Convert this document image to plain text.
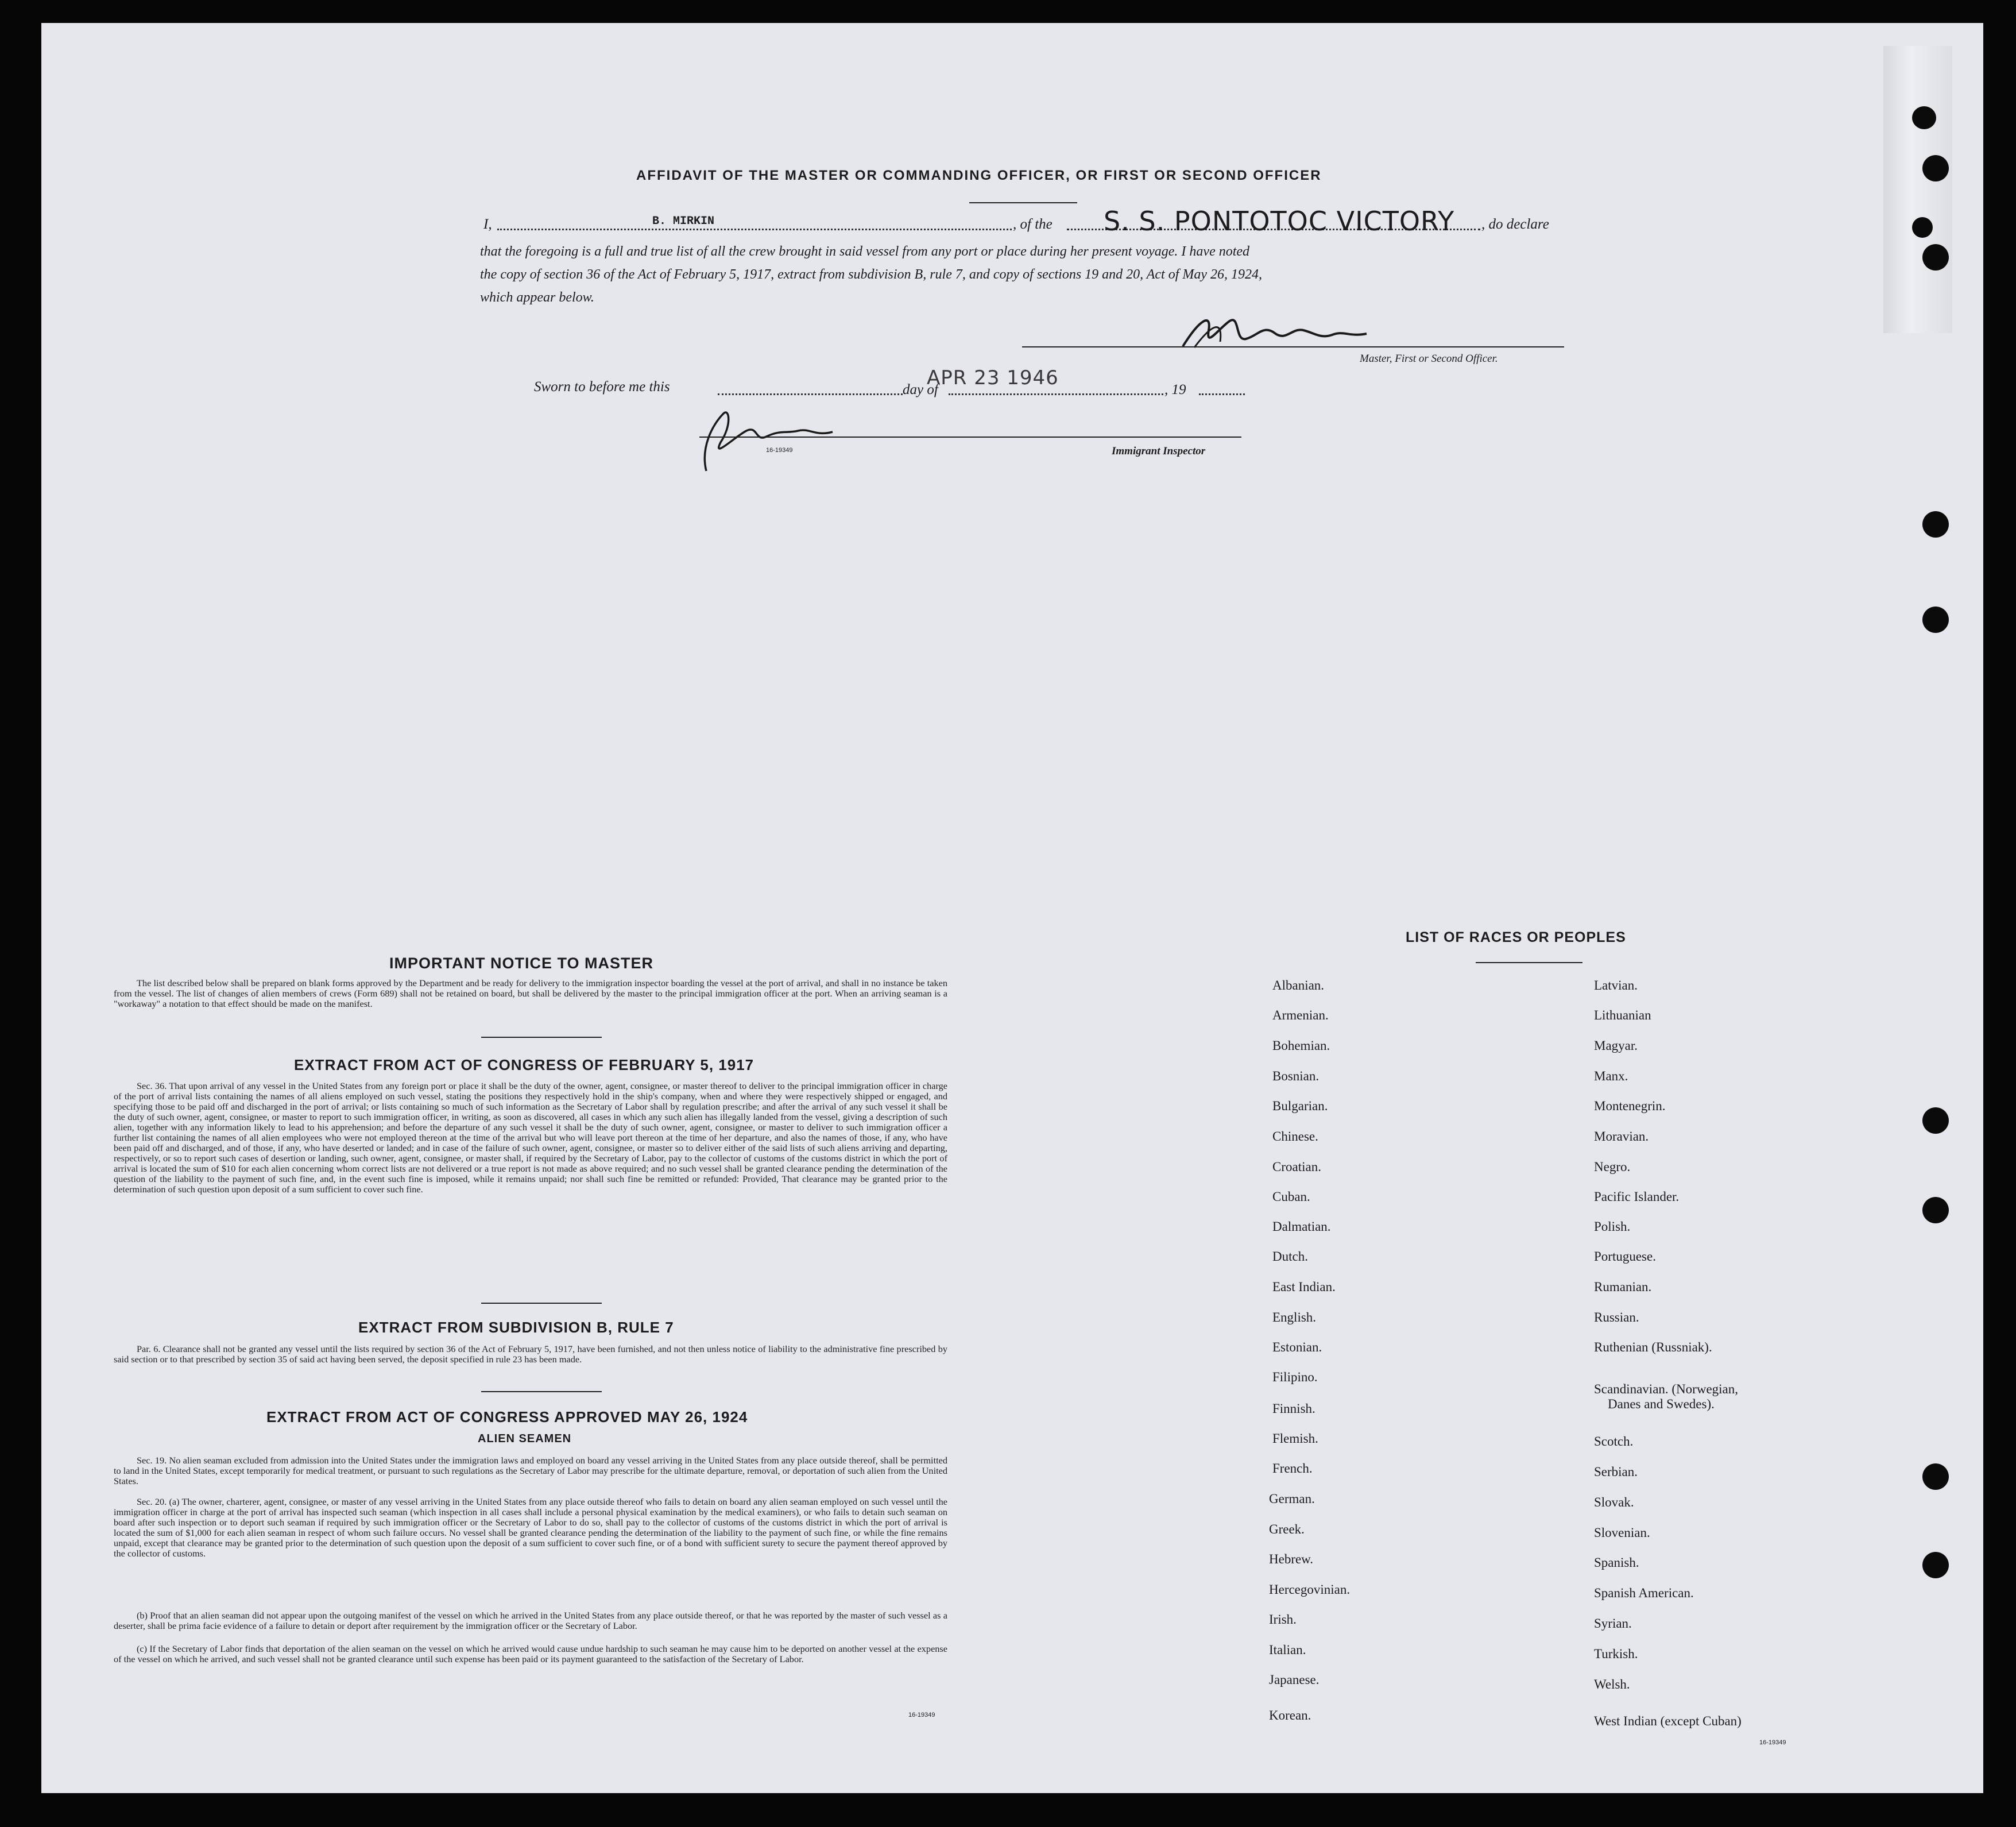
AFFIDAVIT OF THE MASTER OR COMMANDING OFFICER, OR FIRST OR SECOND OFFICER
I,	B. MIRKIN	, of the S. S. PONTOTOC VICTORY , do declare
that the foregoing is a full and true list of all the crew brought in said vessel from any port or place during her present voyage. I have noted
the copy of section 36 of the Act of February 5, 1917, extract from subdivision B, rule 7, and copy of sections 19 and 20, Act of May 26, 1924,
which appear below.
Master, First or Second Officer.
Sworn to before me this	day of
APR 23 1946
, 19
16-19349	Immigrant Inspector
IMPORTANT NOTICE TO MASTER
The list described below shall be prepared on blank forms approved by the Department and be ready for delivery to the immigration inspector boarding the vessel at the port of arrival, and shall in no instance be taken from the vessel. The list of changes of alien members of crews (Form 689) shall not be retained on board, but shall be delivered by the master to the principal immigration officer at the port. When an arriving seaman is a "workaway" a notation to that effect should be made on the manifest.
EXTRACT FROM ACT OF CONGRESS OF FEBRUARY 5, 1917
Sec. 36. That upon arrival of any vessel in the United States from any foreign port or place it shall be the duty of the owner, agent, consignee, or master thereof to deliver to the principal immigration officer in charge of the port of arrival lists containing the names of all aliens employed on such vessel, stating the positions they respectively hold in the ship's company, when and where they were respectively shipped or engaged, and specifying those to be paid off and discharged in the port of arrival; or lists containing so much of such information as the Secretary of Labor shall by regulation prescribe; and after the arrival of any such vessel it shall be the duty of such owner, agent, consignee, or master to report to such immigration officer, in writing, as soon as discovered, all cases in which any such alien has illegally landed from the vessel, giving a description of such alien, together with any information likely to lead to his apprehension; and before the departure of any such vessel it shall be the duty of such owner, agent, consignee, or master to deliver to such immigration officer a further list containing the names of all alien employees who were not employed thereon at the time of the arrival but who will leave port thereon at the time of her departure, and also the names of those, if any, who have been paid off and discharged, and of those, if any, who have deserted or landed; and in case of the failure of such owner, agent, consignee, or master so to deliver either of the said lists of such aliens arriving and departing, respectively, or so to report such cases of desertion or landing, such owner, agent, consignee, or master shall, if required by the Secretary of Labor, pay to the collector of customs of the customs district in which the port of arrival is located the sum of $10 for each alien concerning whom correct lists are not delivered or a true report is not made as above required; and no such vessel shall be granted clearance pending the determination of the question of the liability to the payment of such fine, and, in the event such fine is imposed, while it remains unpaid; nor shall such fine be remitted or refunded: Provided, That clearance may be granted prior to the determination of such question upon deposit of a sum sufficient to cover such fine.
EXTRACT FROM SUBDIVISION B, RULE 7
Par. 6. Clearance shall not be granted any vessel until the lists required by section 36 of the Act of February 5, 1917, have been furnished, and not then unless notice of liability to the administrative fine prescribed by said section or to that prescribed by section 35 of said act having been served, the deposit specified in rule 23 has been made.
EXTRACT FROM ACT OF CONGRESS APPROVED MAY 26, 1924
ALIEN SEAMEN
Sec. 19. No alien seaman excluded from admission into the United States under the immigration laws and employed on board any vessel arriving in the United States from any place outside thereof, shall be permitted to land in the United States, except temporarily for medical treatment, or pursuant to such regulations as the Secretary of Labor may prescribe for the ultimate departure, removal, or deportation of such alien from the United States.
Sec. 20. (a) The owner, charterer, agent, consignee, or master of any vessel arriving in the United States from any place outside thereof who fails to detain on board any alien seaman employed on such vessel until the immigration officer in charge at the port of arrival has inspected such seaman (which inspection in all cases shall include a personal physical examination by the medical examiners), or who fails to detain such seaman on board after such inspection or to deport such seaman if required by such immigration officer or the Secretary of Labor to do so, shall pay to the collector of customs of the customs district in which the port of arrival is located the sum of $1,000 for each alien seaman in respect of whom such failure occurs. No vessel shall be granted clearance pending the determination of the liability to the payment of such fine, or while the fine remains unpaid, except that clearance may be granted prior to the determination of such question upon the deposit of a sum sufficient to cover such fine, or of a bond with sufficient surety to secure the payment thereof approved by the collector of customs.
(b) Proof that an alien seaman did not appear upon the outgoing manifest of the vessel on which he arrived in the United States from any place outside thereof, or that he was reported by the master of such vessel as a deserter, shall be prima facie evidence of a failure to detain or deport after requirement by the immigration officer or the Secretary of Labor.
(c) If the Secretary of Labor finds that deportation of the alien seaman on the vessel on which he arrived would cause undue hardship to such seaman he may cause him to be deported on another vessel at the expense of the vessel on which he arrived, and such vessel shall not be granted clearance until such expense has been paid or its payment guaranteed to the satisfaction of the Secretary of Labor.
16-19349
LIST OF RACES OR PEOPLES
Albanian.
Armenian.
Bohemian.
Bosnian.
Bulgarian.
Chinese.
Croatian.
Cuban.
Dalmatian.
Dutch.
East Indian.
English.
Estonian.
Filipino.
Finnish.
Flemish.
French.
German.
Greek.
Hebrew.
Hercegovinian.
Irish.
Italian.
Japanese.
Korean.
Latvian.
Lithuanian
Magyar.
Manx.
Montenegrin.
Moravian.
Negro.
Pacific Islander.
Polish.
Portuguese.
Rumanian.
Russian.
Ruthenian (Russniak).
Scandinavian. (Norwegian,
Danes and Swedes).
Scotch.
Serbian.
Slovak.
Slovenian.
Spanish.
Spanish American.
Syrian.
Turkish.
Welsh.
West Indian (except Cuban)
16-19349
